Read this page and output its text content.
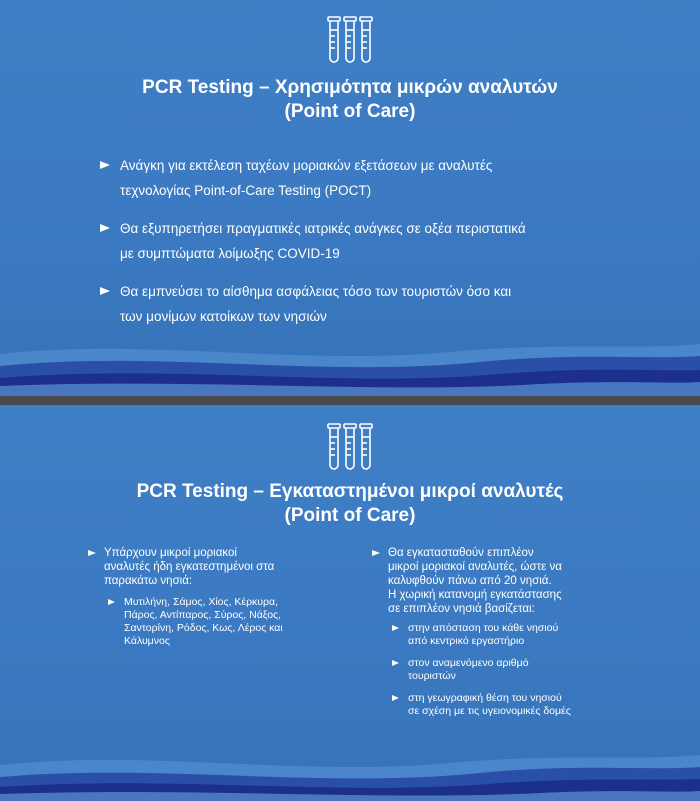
PCR Testing – Χρησιμότητα μικρών αναλυτών
(Point of Care)
Ανάγκη για εκτέλεση ταχέων μοριακών εξετάσεων με αναλυτές
τεχνολογίας Point-of-Care Testing (POCT)
Θα εξυπηρετήσει πραγματικές ιατρικές ανάγκες σε οξέα περιστατικά
με συμπτώματα λοίμωξης COVID-19
Θα εμπνεύσει το αίσθημα ασφάλειας τόσο των τουριστών όσο και
των μονίμων κατοίκων των νησιών
PCR Testing – Εγκαταστημένοι μικροί αναλυτές
(Point of Care)
Υπάρχουν μικροί μοριακοί
αναλυτές ήδη εγκατεστημένοι στα
παρακάτω νησιά:
Μυτιλήνη, Σάμος, Χίος, Κέρκυρα,
Πάρος, Αντίπαρος, Σύρος, Νάξος,
Σαντορίνη, Ρόδος, Κως, Λέρος και
Κάλυμνος
Θα εγκατασταθούν επιπλέον
μικροί μοριακοί αναλυτές, ώστε να
καλυφθούν πάνω από 20 νησιά.
Η χωρική κατανομή εγκατάστασης
σε επιπλέον νησιά βασίζεται:
στην απόσταση του κάθε νησιού
από κεντρικό εργαστήριο
στον αναμενόμενο αριθμό
τουριστών
στη γεωγραφική θέση του νησιού
σε σχέση με τις υγειονομικές δομές
